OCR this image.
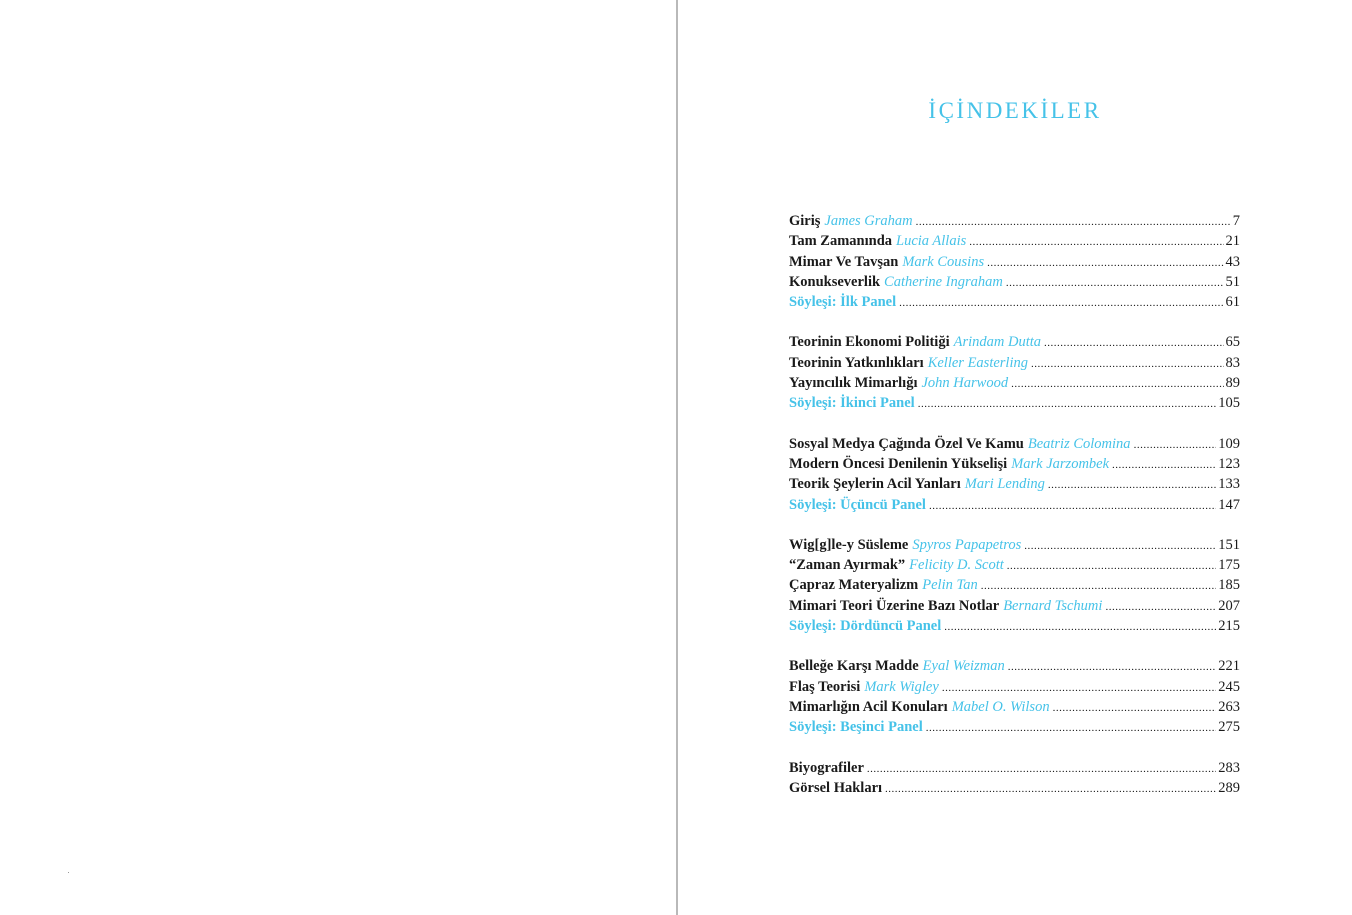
İÇİNDEKİLER
Giriş James Graham .....	7
Tam Zamanında Lucia Allais .....	21
Mimar Ve Tavşan Mark Cousins .....	43
Konukseverlik Catherine Ingraham .....	51
Söyleşi: İlk Panel .....	61
Teorinin Ekonomi Politiği Arindam Dutta .....	65
Teorinin Yatkınlıkları Keller Easterling .....	83
Yayıncılık Mimarlığı John Harwood .....	89
Söyleşi: İkinci Panel .....	105
Sosyal Medya Çağında Özel Ve Kamu Beatriz Colomina .....	109
Modern Öncesi Denilenin Yükselişi Mark Jarzombek .....	123
Teorik Şeylerin Acil Yanları Mari Lending .....	133
Söyleşi: Üçüncü Panel .....	147
Wig[g]le-y Süsleme Spyros Papapetros .....	151
“Zaman Ayırmak” Felicity D. Scott .....	175
Çapraz Materyalizm Pelin Tan .....	185
Mimari Teori Üzerine Bazı Notlar Bernard Tschumi .....	207
Söyleşi: Dördüncü Panel .....	215
Belleğe Karşı Madde Eyal Weizman .....	221
Flaş Teorisi Mark Wigley .....	245
Mimarlığın Acil Konuları Mabel O. Wilson .....	263
Söyleşi: Beşinci Panel .....	275
Biyografiler .....	283
Görsel Hakları .....	289
